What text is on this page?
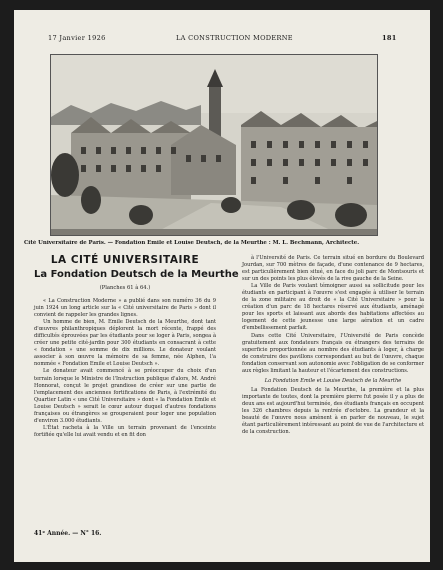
17 Janvier 1926	LA CONSTRUCTION MODERNE	181
Cité Universitaire de Paris. — Fondation Emile et Louise Deutsch, de la Meurthe : M. L. Bechmann, Architecte.
LA CITÉ UNIVERSITAIRE
La Fondation Deutsch de la Meurthe
(Planches 61 à 64.)

« La Construction Moderne » a publié dans son numéro 36 du 9 juin 1924 un long article sur la « Cité universitaire de Paris » dont il convient de rappeler les grandes lignes.

Un homme de bien, M. Emile Deutsch de la Meurthe, dont tant d'œuvres philanthropiques déplorent la mort récente, frappé des difficultés éprouvées par les étudiants pour se loger à Paris, songea à créer une petite cité-jardin pour 300 étudiants en consacrant à cette « fondation » une somme de dix millions. Le donateur voulant associer à son œuvre la mémoire de sa femme, née Alphen, l'a nommée « Fondation Emile et Louise Deutsch ».

Le donateur avait commencé à se préoccuper du choix d'un terrain lorsque le Ministre de l'Instruction publique d'alors, M. André Honnorat, conçut le projet grandiose de créer sur une partie de l'emplacement des anciennes fortifications de Paris, à l'extrémité du Quartier Latin « une Cité Universitaire » dont « la Fondation Emile et Louise Deutsch » serait le cœur autour duquel d'autres fondations françaises ou étrangères se grouperaient pour loger une population d'environ 3.000 étudiants.

L'État rachetа à la Ville un terrain provenant de l'enceinte fortifiée qu'elle lui avait vendu et en fit don

à l'Université de Paris. Ce terrain situé en bordure du Boulevard Jourdan, sur 700 mètres de façade, d'une contenance de 9 hectares, est particulièrement bien situé, en face du joli parc de Montsouris et sur un des points les plus élevés de la rive gauche de la Seine.

La Ville de Paris voulant témoigner aussi sa sollicitude pour les étudiants en participant à l'œuvre s'est engagée à utiliser le terrain de la zone militaire au droit de « la Cité Universitaire » pour la création d'un parc de 18 hectares réservé aux étudiants, aménagé pour les sports et laissant aux abords des habitations affectées au logement de cette jeunesse une large aération et un cadre d'embellissement parfait.

Dans cette Cité Universitaire, l'Université de Paris concède gratuitement aux fondateurs français ou étrangers des terrains de superficie proportionnée au nombre des étudiants à loger, à charge de construire des pavillons correspondant au but de l'œuvre, chaque fondation conservant son autonomie avec l'obligation de se conformer aux règles limitant la hauteur et l'écartement des constructions.

La Fondation Emile et Louise Deutsch de la Meurthe

La Fondation Deutsch de la Meurthe, la première et la plus importante de toutes, dont la première pierre fut posée il y a plus de deux ans est aujourd'hui terminée, des étudiants français en occupent les 326 chambres depuis la rentrée d'octobre. La grandeur et la beauté de l'œuvre nous amènent à en parler de nouveau, le sujet étant particulièrement intéressant au point de vue de l'architecture et de la construction.

41ᵉ Année. — N° 16.
